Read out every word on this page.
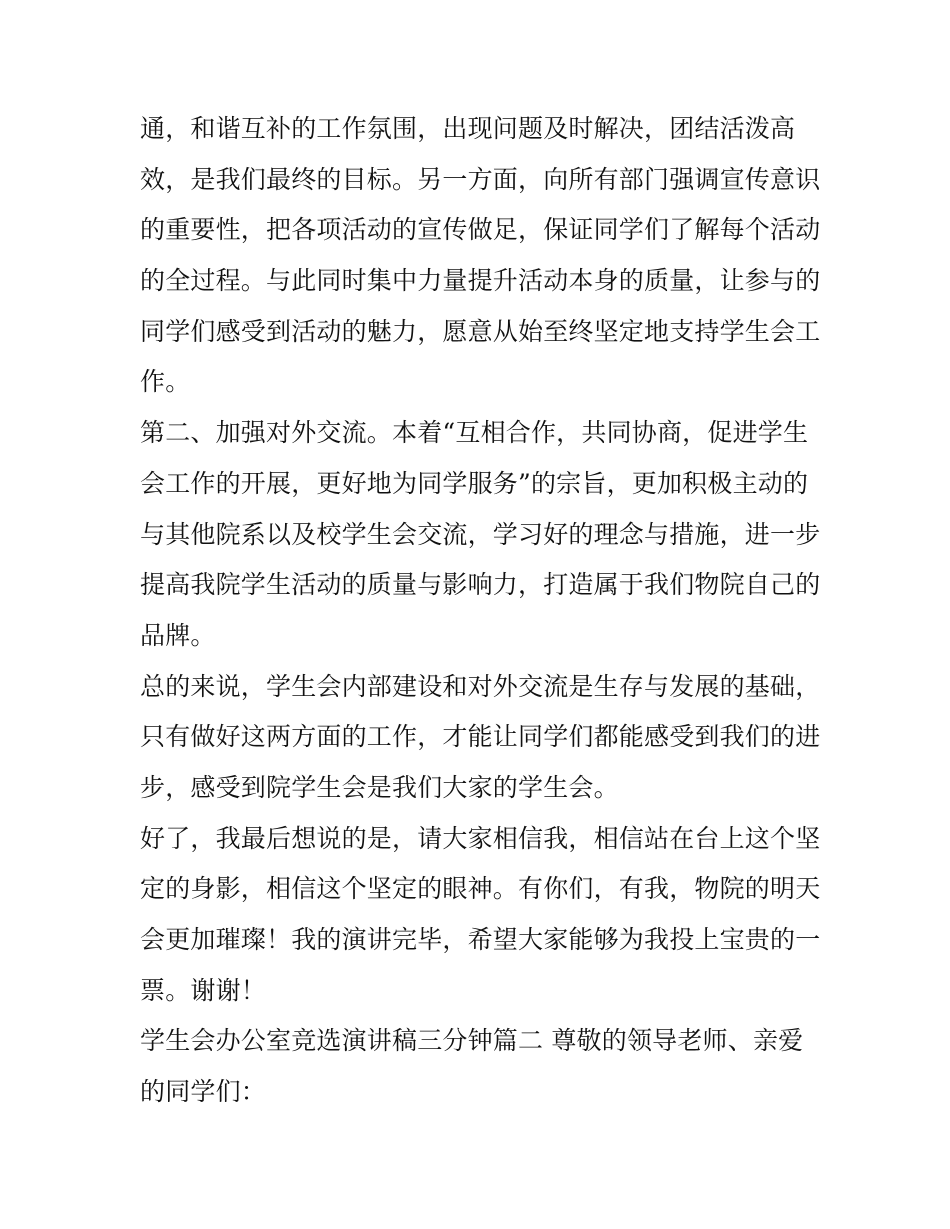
通，和谐互补的工作氛围，出现问题及时解决，团结活泼高
效，是我们最终的目标。另一方面，向所有部门强调宣传意识
的重要性，把各项活动的宣传做足，保证同学们了解每个活动
的全过程。与此同时集中力量提升活动本身的质量，让参与的
同学们感受到活动的魅力，愿意从始至终坚定地支持学生会工
作。
第二、加强对外交流。本着“互相合作，共同协商，促进学生
会工作的开展，更好地为同学服务”的宗旨，更加积极主动的
与其他院系以及校学生会交流，学习好的理念与措施，进一步
提高我院学生活动的质量与影响力，打造属于我们物院自己的
品牌。
总的来说，学生会内部建设和对外交流是生存与发展的基础，
只有做好这两方面的工作，才能让同学们都能感受到我们的进
步，感受到院学生会是我们大家的学生会。
好了，我最后想说的是，请大家相信我，相信站在台上这个坚
定的身影，相信这个坚定的眼神。有你们，有我，物院的明天
会更加璀璨！我的演讲完毕，希望大家能够为我投上宝贵的一
票。谢谢！
学生会办公室竞选演讲稿三分钟篇二 尊敬的领导老师、亲爱
的同学们：
